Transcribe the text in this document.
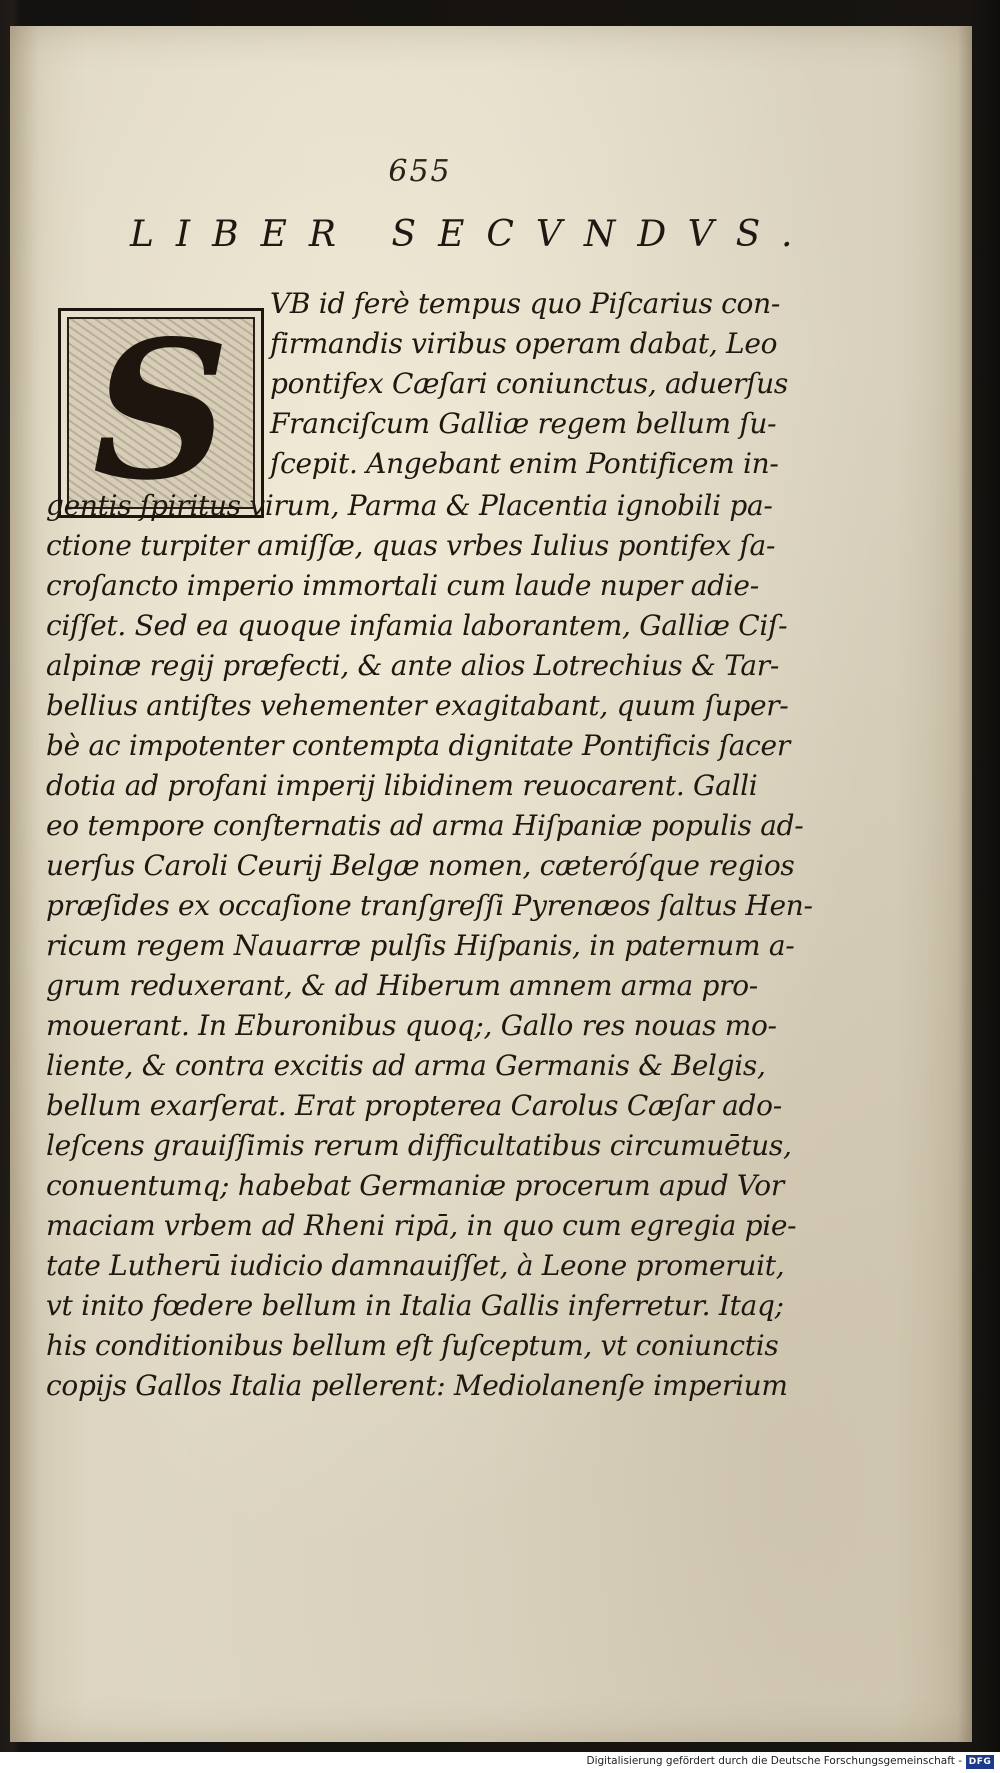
655
LIBER SECVNDVS.
S	VB id ferè tempus quo Piſcarius con-
firmandis viribus operam dabat, Leo
pontifex Cæſari coniunctus, aduerſus
Franciſcum Galliæ regem bellum ſu-
ſcepit. Angebant enim Pontificem in-
gentis ſpiritus virum, Parma & Placentia ignobili pa-
ctione turpiter amiſſæ, quas vrbes Iulius pontifex ſa-
croſancto imperio immortali cum laude nuper adie-
ciſſet. Sed ea quoque infamia laborantem, Galliæ Ciſ-
alpinæ regij præfecti, & ante alios Lotrechius & Tar-
bellius antiſtes vehementer exagitabant, quum ſuper-
bè ac impotenter contempta dignitate Pontificis ſacer
dotia ad profani imperij libidinem reuocarent. Galli
eo tempore conſternatis ad arma Hiſpaniæ populis ad-
uerſus Caroli Ceurij Belgæ nomen, cæteróſque regios
præſides ex occaſione tranſgreſſi Pyrenæos ſaltus Hen-
ricum regem Nauarræ pulſis Hiſpanis, in paternum a-
grum reduxerant, & ad Hiberum amnem arma pro-
mouerant. In Eburonibus quoq;, Gallo res nouas mo-
liente, & contra excitis ad arma Germanis & Belgis,
bellum exarſerat. Erat propterea Carolus Cæſar ado-
leſcens grauiſſimis rerum difficultatibus circumuētus,
conuentumq; habebat Germaniæ procerum apud Vor
maciam vrbem ad Rheni ripā, in quo cum egregia pie-
tate Lutherū iudicio damnauiſſet, à Leone promeruit,
vt inito fœdere bellum in Italia Gallis inferretur. Itaq;
his conditionibus bellum eſt ſuſceptum, vt coniunctis
copijs Gallos Italia pellerent: Mediolanenſe imperium
Digitalisierung gefördert durch die Deutsche Forschungsgemeinschaft - DFG
